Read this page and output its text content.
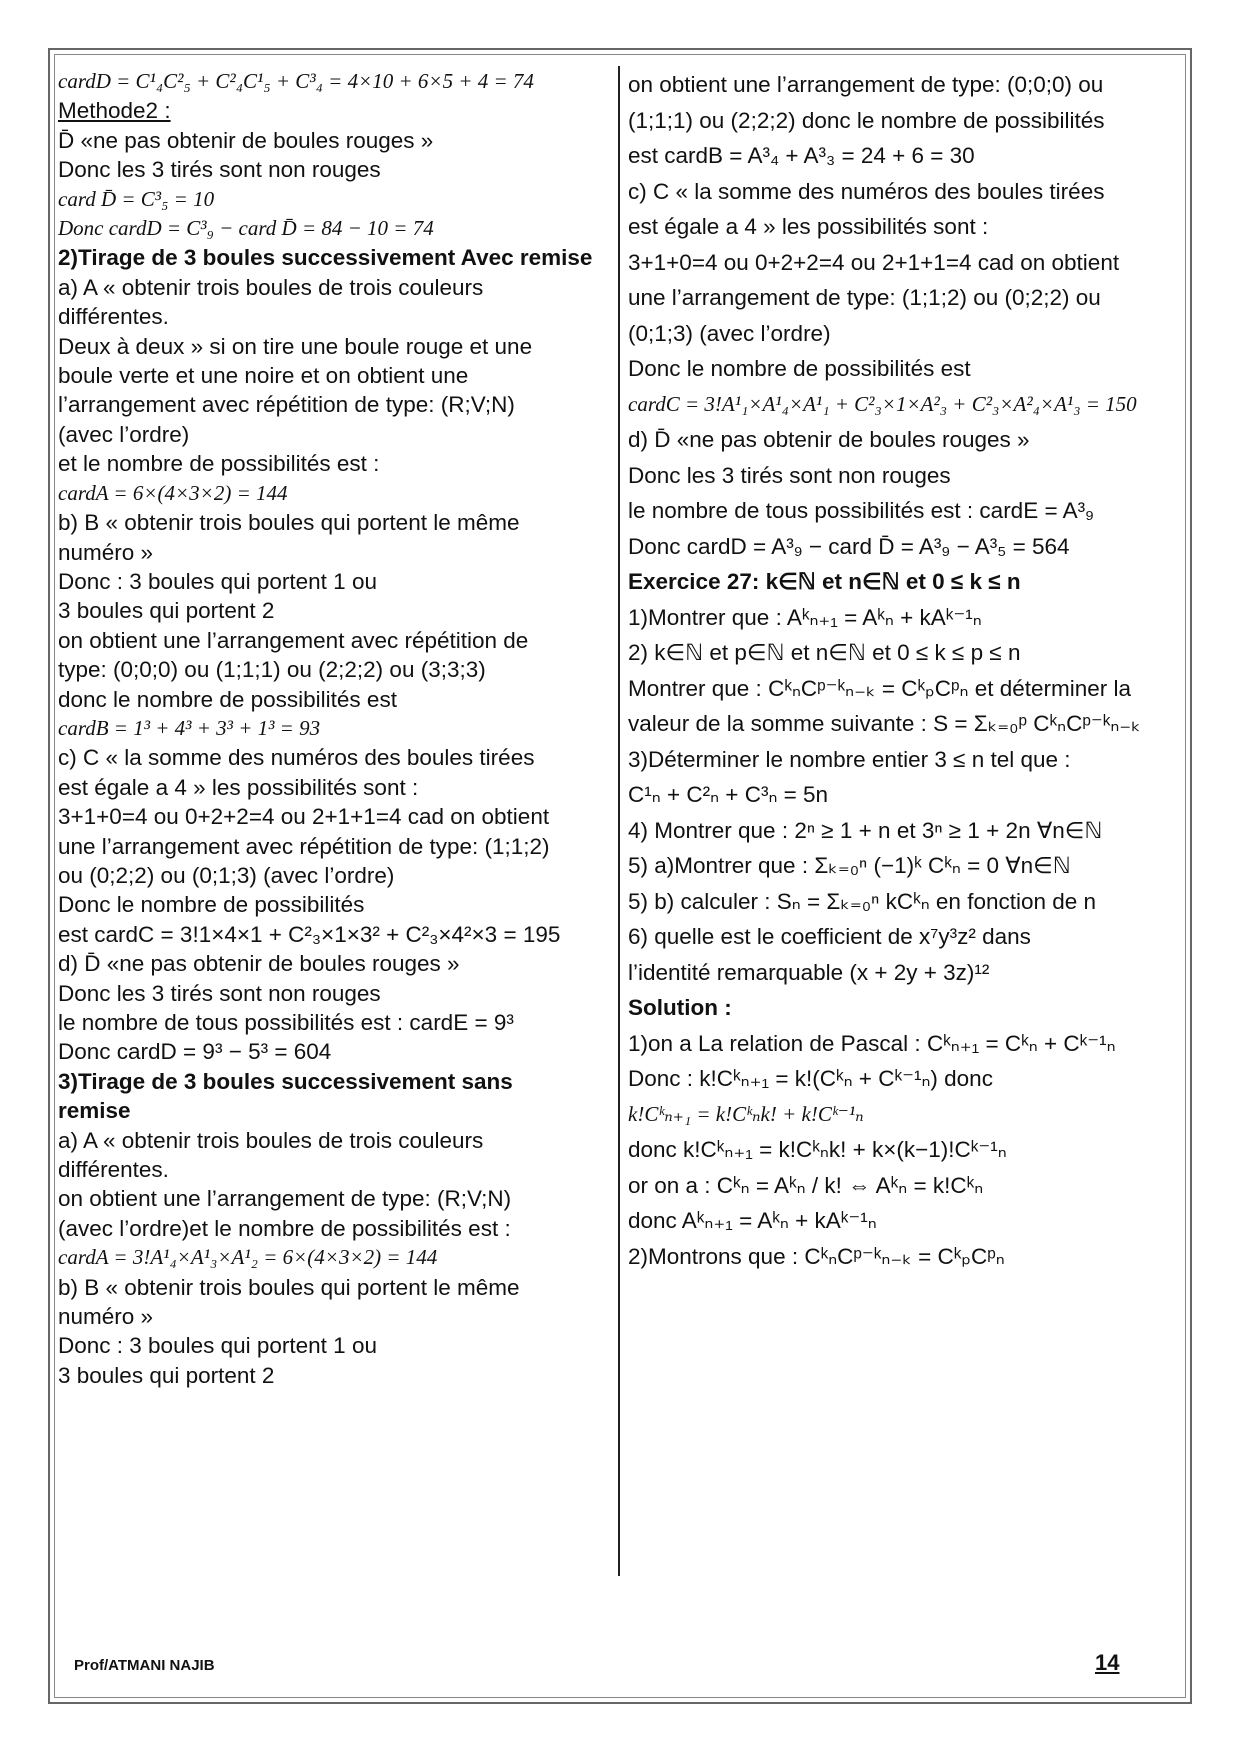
cardD = C¹₄C²₅ + C²₄C¹₅ + C³₄ = 4×10 + 6×5 + 4 = 74
Methode2 :
D̄ «ne pas obtenir de boules rouges »
Donc les 3 tirés sont non rouges
card D̄ = C³₅ = 10
Donc cardD = C³₉ − card D̄ = 84 − 10 = 74
2)Tirage de 3 boules successivement Avec remise
a) A « obtenir trois boules de trois couleurs
différentes.
Deux à deux » si on tire une boule rouge et une
boule verte et une noire et on obtient une
l’arrangement avec répétition de type: (R;V;N)
(avec l’ordre)
et le nombre de possibilités est :
cardA = 6×(4×3×2) = 144
b) B « obtenir trois boules qui portent le même
numéro »
Donc : 3 boules qui portent 1 ou
3 boules qui portent 2
on obtient une l’arrangement avec répétition de
type: (0;0;0) ou (1;1;1) ou (2;2;2) ou (3;3;3)
donc le nombre de possibilités est
cardB = 1³ + 4³ + 3³ + 1³ = 93
c) C « la somme des numéros des boules tirées
est égale a 4 » les possibilités sont :
3+1+0=4 ou 0+2+2=4 ou 2+1+1=4 cad on obtient
une l’arrangement avec répétition de type: (1;1;2)
ou (0;2;2) ou (0;1;3) (avec l’ordre)
Donc le nombre de possibilités
est cardC = 3!1×4×1 + C²₃×1×3² + C²₃×4²×3 = 195
d) D̄ «ne pas obtenir de boules rouges »
Donc les 3 tirés sont non rouges
le nombre de tous possibilités est : cardE = 9³
Donc cardD = 9³ − 5³ = 604
3)Tirage de 3 boules successivement sans
remise
a) A « obtenir trois boules de trois couleurs
différentes.
on obtient une l’arrangement de type: (R;V;N)
(avec l’ordre)et le nombre de possibilités est :
cardA = 3!A¹₄×A¹₃×A¹₂ = 6×(4×3×2) = 144
b) B « obtenir trois boules qui portent le même
numéro »
Donc : 3 boules qui portent 1 ou
3 boules qui portent 2
on obtient une l’arrangement de type: (0;0;0) ou
(1;1;1) ou (2;2;2) donc le nombre de possibilités
est cardB = A³₄ + A³₃ = 24 + 6 = 30
c) C « la somme des numéros des boules tirées
est égale a 4 » les possibilités sont :
3+1+0=4 ou 0+2+2=4 ou 2+1+1=4 cad on obtient
une l’arrangement de type: (1;1;2) ou (0;2;2) ou
(0;1;3) (avec l’ordre)
Donc le nombre de possibilités est
cardC = 3!A¹₁×A¹₄×A¹₁ + C²₃×1×A²₃ + C²₃×A²₄×A¹₃ = 150
d) D̄ «ne pas obtenir de boules rouges »
Donc les 3 tirés sont non rouges
le nombre de tous possibilités est : cardE = A³₉
Donc cardD = A³₉ − card D̄ = A³₉ − A³₅ = 564
Exercice 27: k∈ℕ et n∈ℕ et 0 ≤ k ≤ n
1)Montrer que : Aᵏₙ₊₁ = Aᵏₙ + kAᵏ⁻¹ₙ
2) k∈ℕ et p∈ℕ et n∈ℕ et 0 ≤ k ≤ p ≤ n
Montrer que : CᵏₙCᵖ⁻ᵏₙ₋ₖ = CᵏₚCᵖₙ et déterminer la
valeur de la somme suivante : S = Σₖ₌₀ᵖ CᵏₙCᵖ⁻ᵏₙ₋ₖ
3)Déterminer le nombre entier 3 ≤ n tel que :
C¹ₙ + C²ₙ + C³ₙ = 5n
4) Montrer que : 2ⁿ ≥ 1 + n et 3ⁿ ≥ 1 + 2n ∀n∈ℕ
5) a)Montrer que : Σₖ₌₀ⁿ (−1)ᵏ Cᵏₙ = 0 ∀n∈ℕ
5) b) calculer : Sₙ = Σₖ₌₀ⁿ kCᵏₙ en fonction de n
6) quelle est le coefficient de x⁷y³z² dans
l’identité remarquable (x + 2y + 3z)¹²
Solution :
1)on a La relation de Pascal : Cᵏₙ₊₁ = Cᵏₙ + Cᵏ⁻¹ₙ
Donc : k!Cᵏₙ₊₁ = k!(Cᵏₙ + Cᵏ⁻¹ₙ) donc
k!Cᵏₙ₊₁ = k!Cᵏₙk! + k!Cᵏ⁻¹ₙ
donc k!Cᵏₙ₊₁ = k!Cᵏₙk! + k×(k−1)!Cᵏ⁻¹ₙ
or on a : Cᵏₙ = Aᵏₙ / k! ⇔ Aᵏₙ = k!Cᵏₙ
donc Aᵏₙ₊₁ = Aᵏₙ + kAᵏ⁻¹ₙ
2)Montrons que : CᵏₙCᵖ⁻ᵏₙ₋ₖ = CᵏₚCᵖₙ
Prof/ATMANI NAJIB	14
